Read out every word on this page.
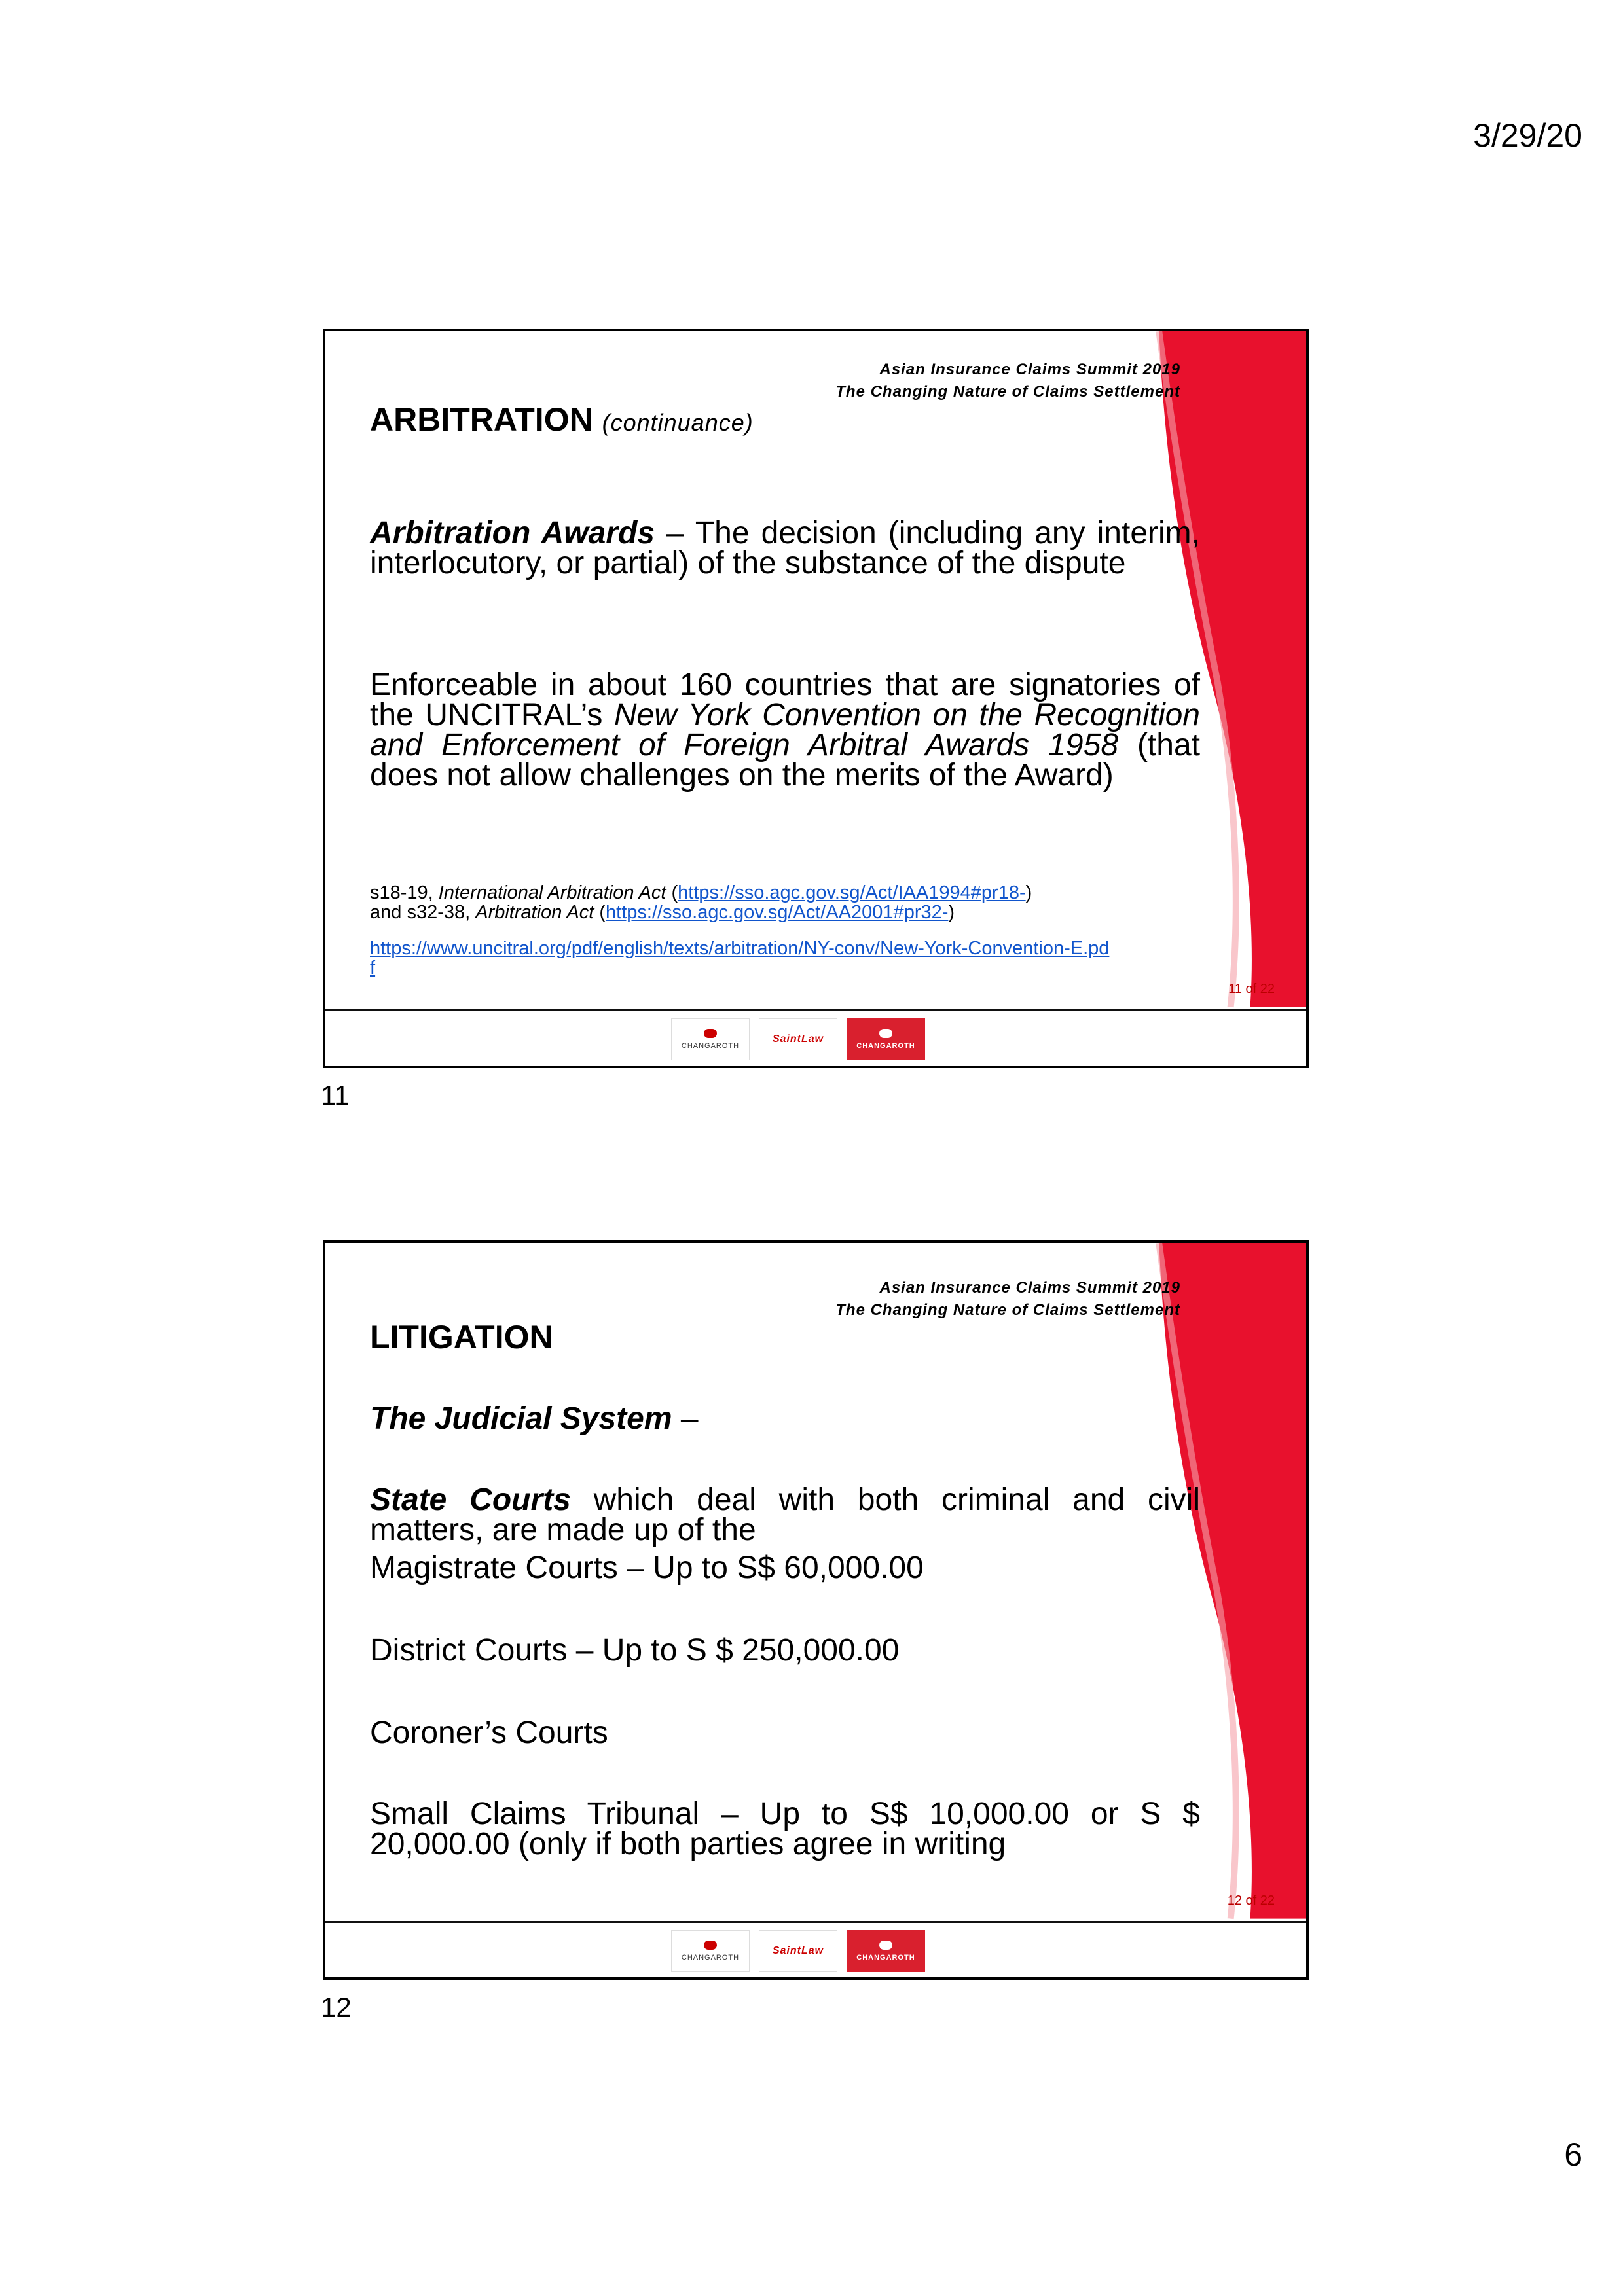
3/29/20
Asian Insurance Claims Summit 2019
The Changing Nature of Claims Settlement
ARBITRATION (continuance)
Arbitration Awards – The decision (including any interim, interlocutory, or partial) of the substance of the dispute
Enforceable in about 160 countries that are signatories of the UNCITRAL’s New York Convention on the Recognition and Enforcement of Foreign Arbitral Awards 1958 (that does not allow challenges on the merits of the Award)
s18-19, International Arbitration Act (https://sso.agc.gov.sg/Act/IAA1994#pr18-)
and s32-38, Arbitration Act (https://sso.agc.gov.sg/Act/AA2001#pr32-)
https://www.uncitral.org/pdf/english/texts/arbitration/NY-conv/New-York-Convention-E.pdf
11 of 22
CHANGAROTH
SaintLaw
CHANGAROTH
11
Asian Insurance Claims Summit 2019
The Changing Nature of Claims Settlement
LITIGATION
The Judicial System –
State Courts which deal with both criminal and civil matters, are made up of the
Magistrate Courts – Up to S$ 60,000.00
District Courts – Up to S $ 250,000.00
Coroner’s Courts
Small Claims Tribunal – Up to S$ 10,000.00 or S $ 20,000.00 (only if both parties agree in writing
12 of 22
CHANGAROTH
SaintLaw
CHANGAROTH
12
6
